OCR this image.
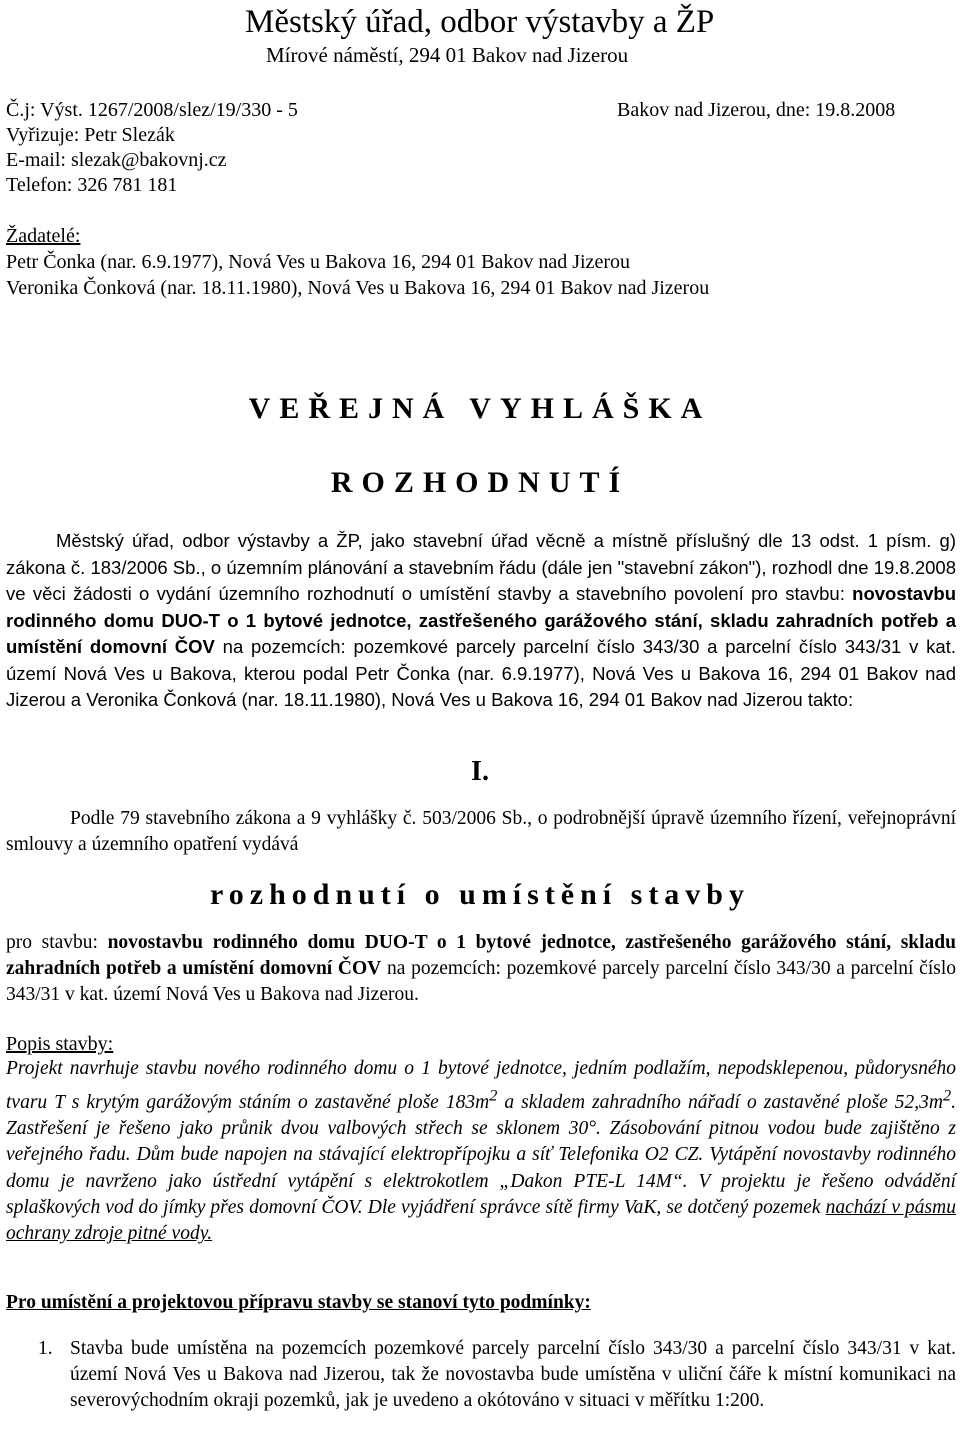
Městský úřad, odbor výstavby a ŽP
Mírové náměstí, 294 01 Bakov nad Jizerou
Č.j: Výst. 1267/2008/slez/19/330 - 5	Bakov nad Jizerou, dne: 19.8.2008
Vyřizuje: Petr Slezák
E-mail: slezak@bakovnj.cz
Telefon: 326 781 181
Žadatelé:
Petr Čonka (nar. 6.9.1977), Nová Ves u Bakova 16, 294 01 Bakov nad Jizerou
Veronika Čonková (nar. 18.11.1980), Nová Ves u Bakova 16, 294 01 Bakov nad Jizerou
VEŘEJNÁ VYHLÁŠKA
ROZHODNUTÍ

Městský úřad, odbor výstavby a ŽP, jako stavební úřad věcně a místně příslušný dle 13 odst. 1 písm. g) zákona č. 183/2006 Sb., o územním plánování a stavebním řádu (dále jen "stavební zákon"), rozhodl dne 19.8.2008 ve věci žádosti o vydání územního rozhodnutí o umístění stavby a stavebního povolení pro stavbu: novostavbu rodinného domu DUO-T o 1 bytové jednotce, zastřešeného garážového stání, skladu zahradních potřeb a umístění domovní ČOV na pozemcích: pozemkové parcely parcelní číslo 343/30 a parcelní číslo 343/31 v kat. území Nová Ves u Bakova, kterou podal Petr Čonka (nar. 6.9.1977), Nová Ves u Bakova 16, 294 01 Bakov nad Jizerou a Veronika Čonková (nar. 18.11.1980), Nová Ves u Bakova 16, 294 01 Bakov nad Jizerou takto:

I.

Podle 79 stavebního zákona a 9 vyhlášky č. 503/2006 Sb., o podrobnější úpravě územního řízení, veřejnoprávní smlouvy a územního opatření vydává

rozhodnutí o umístění stavby

pro stavbu: novostavbu rodinného domu DUO-T o 1 bytové jednotce, zastřešeného garážového stání, skladu zahradních potřeb a umístění domovní ČOV na pozemcích: pozemkové parcely parcelní číslo 343/30 a parcelní číslo 343/31 v kat. území Nová Ves u Bakova nad Jizerou.

Popis stavby:

Projekt navrhuje stavbu nového rodinného domu o 1 bytové jednotce, jedním podlažím, nepodsklepenou, půdorysného tvaru T s krytým garážovým stáním o zastavěné ploše $183m^2$ a skladem zahradního nářadí o zastavěné ploše $52,3m^2$. Zastřešení je řešeno jako průnik dvou valbových střech se sklonem 30°. Zásobování pitnou vodou bude zajištěno z veřejného řadu. Dům bude napojen na stávající elektropřípojku a síť Telefonika O2 CZ. Vytápění novostavby rodinného domu je navrženo jako ústřední vytápění s elektrokotlem „Dakon PTE-L 14M“. V projektu je řešeno odvádění splaškových vod do jímky přes domovní ČOV. Dle vyjádření správce sítě firmy VaK, se dotčený pozemek nachází v pásmu ochrany zdroje pitné vody.

Pro umístění a projektovou přípravu stavby se stanoví tyto podmínky:
1. Stavba bude umístěna na pozemcích pozemkové parcely parcelní číslo 343/30 a parcelní číslo 343/31 v kat. území Nová Ves u Bakova nad Jizerou, tak že novostavba bude umístěna v uliční čáře k místní komunikaci na severovýchodním okraji pozemků, jak je uvedeno a okótováno v situaci v měřítku 1:200.
